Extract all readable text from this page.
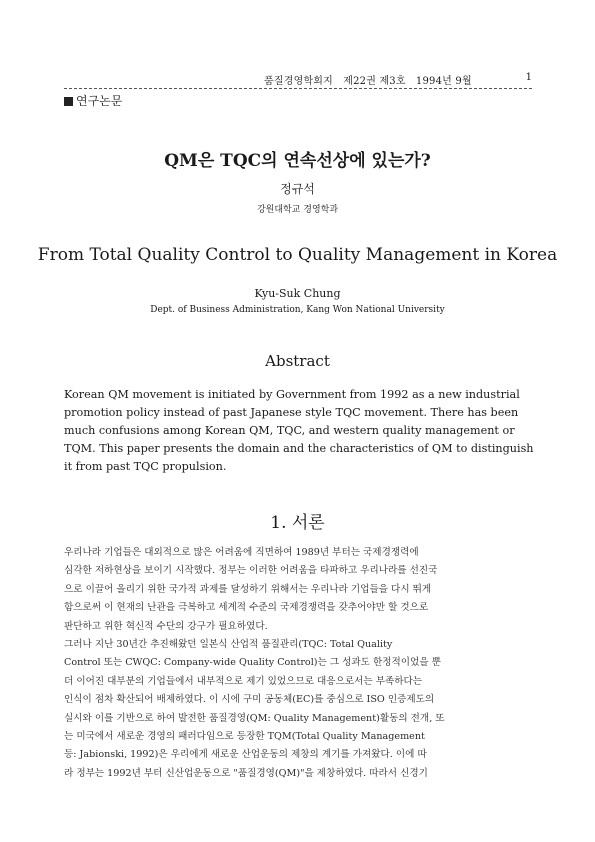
품질경영학회지　제22권 제3호　1994년 9월	1
연구논문
QM은 TQC의 연속선상에 있는가?
정규석
강원대학교 경영학과
From Total Quality Control to Quality Management in Korea
Kyu-Suk Chung
Dept. of Business Administration, Kang Won National University
Abstract
Korean QM movement is initiated by Government from 1992 as a new industrial
promotion policy instead of past Japanese style TQC movement. There has been
much confusions among Korean QM, TQC, and western quality management or
TQM. This paper presents the domain and the characteristics of QM to distinguish
it from past TQC propulsion.
1. 서론
우리나라 기업들은 대외적으로 많은 어려움에 직면하여 1989년 부터는 국제경쟁력에
심각한 저하현상을 보이기 시작했다. 정부는 이러한 어려움을 타파하고 우리나라를 선진국
으로 이끌어 올리기 위한 국가적 과제를 달성하기 위해서는 우리나라 기업들을 다시 뛰게
함으로써 이 현재의 난관을 극복하고 세계적 수준의 국제경쟁력을 갖추어야만 할 것으로
판단하고 위한 혁신적 수단의 강구가 필요하였다.
그러나 지난 30년간 추진해왔던 일본식 산업적 품질관리(TQC: Total Quality
Control 또는 CWQC: Company-wide Quality Control)는 그 성과도 한정적이었을 뿐
더 이어진 대부분의 기업들에서 내부적으로 제기 있었으므로 대응으로서는 부족하다는
인식이 점차 확산되어 배제하였다. 이 시에 구미 공동체(EC)를 중심으로 ISO 인증제도의
실시와 이를 기반으로 하여 발전한 품질경영(QM: Quality Management)활동의 전개, 또
는 미국에서 새로운 경영의 패러다임으로 등장한 TQM(Total Quality Management
등: Jabionski, 1992)은 우리에게 새로운 산업운동의 제창의 계기를 가져왔다. 이에 따
라 정부는 1992년 부터 신산업운동으로 "품질경영(QM)"을 제창하였다. 따라서 신경기
